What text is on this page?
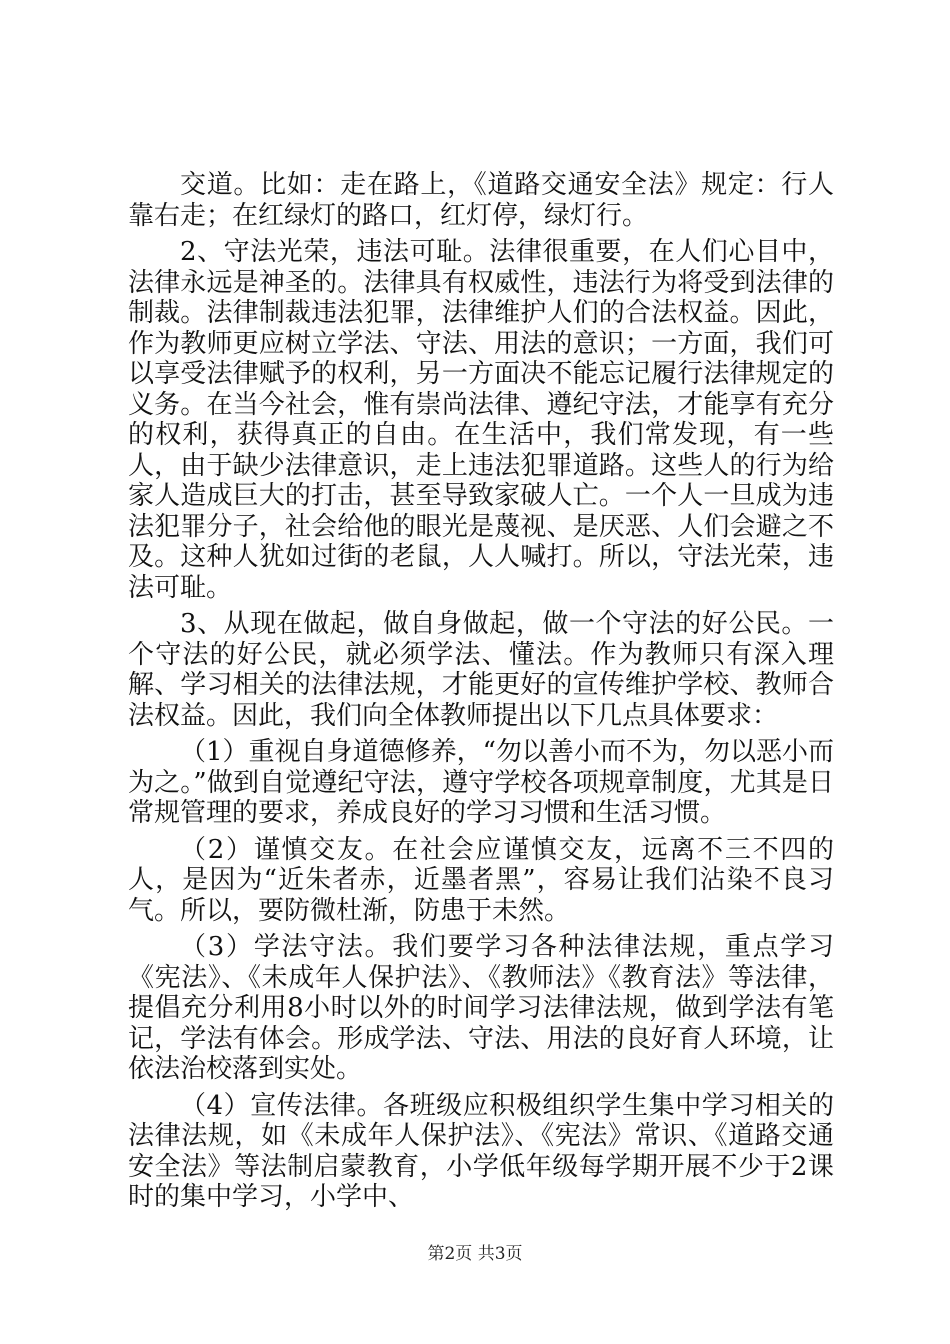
交道。比如：走在路上，《道路交通安全法》规定：行人靠右走；在红绿灯的路口，红灯停，绿灯行。

2、守法光荣，违法可耻。法律很重要，在人们心目中，法律永远是神圣的。法律具有权威性，违法行为将受到法律的制裁。法律制裁违法犯罪，法律维护人们的合法权益。因此，作为教师更应树立学法、守法、用法的意识；一方面，我们可以享受法律赋予的权利，另一方面决不能忘记履行法律规定的义务。在当今社会，惟有崇尚法律、遵纪守法，才能享有充分的权利，获得真正的自由。在生活中，我们常发现，有一些人，由于缺少法律意识，走上违法犯罪道路。这些人的行为给家人造成巨大的打击，甚至导致家破人亡。一个人一旦成为违法犯罪分子，社会给他的眼光是蔑视、是厌恶、人们会避之不及。这种人犹如过街的老鼠，人人喊打。所以，守法光荣，违法可耻。

3、从现在做起，做自身做起，做一个守法的好公民。一个守法的好公民，就必须学法、懂法。作为教师只有深入理解、学习相关的法律法规，才能更好的宣传维护学校、教师合法权益。因此，我们向全体教师提出以下几点具体要求：

（1）重视自身道德修养，“勿以善小而不为，勿以恶小而为之。”做到自觉遵纪守法，遵守学校各项规章制度，尤其是日常规管理的要求，养成良好的学习习惯和生活习惯。

（2）谨慎交友。在社会应谨慎交友，远离不三不四的人，是因为“近朱者赤，近墨者黑”，容易让我们沾染不良习气。所以，要防微杜渐，防患于未然。

（3）学法守法。我们要学习各种法律法规，重点学习《宪法》、《未成年人保护法》、《教师法》《教育法》等法律，提倡充分利用8小时以外的时间学习法律法规，做到学法有笔记，学法有体会。形成学法、守法、用法的良好育人环境，让依法治校落到实处。

（4）宣传法律。各班级应积极组织学生集中学习相关的法律法规，如《未成年人保护法》、《宪法》常识、《道路交通安全法》等法制启蒙教育，小学低年级每学期开展不少于2课时的集中学习，小学中、

第2页 共3页
